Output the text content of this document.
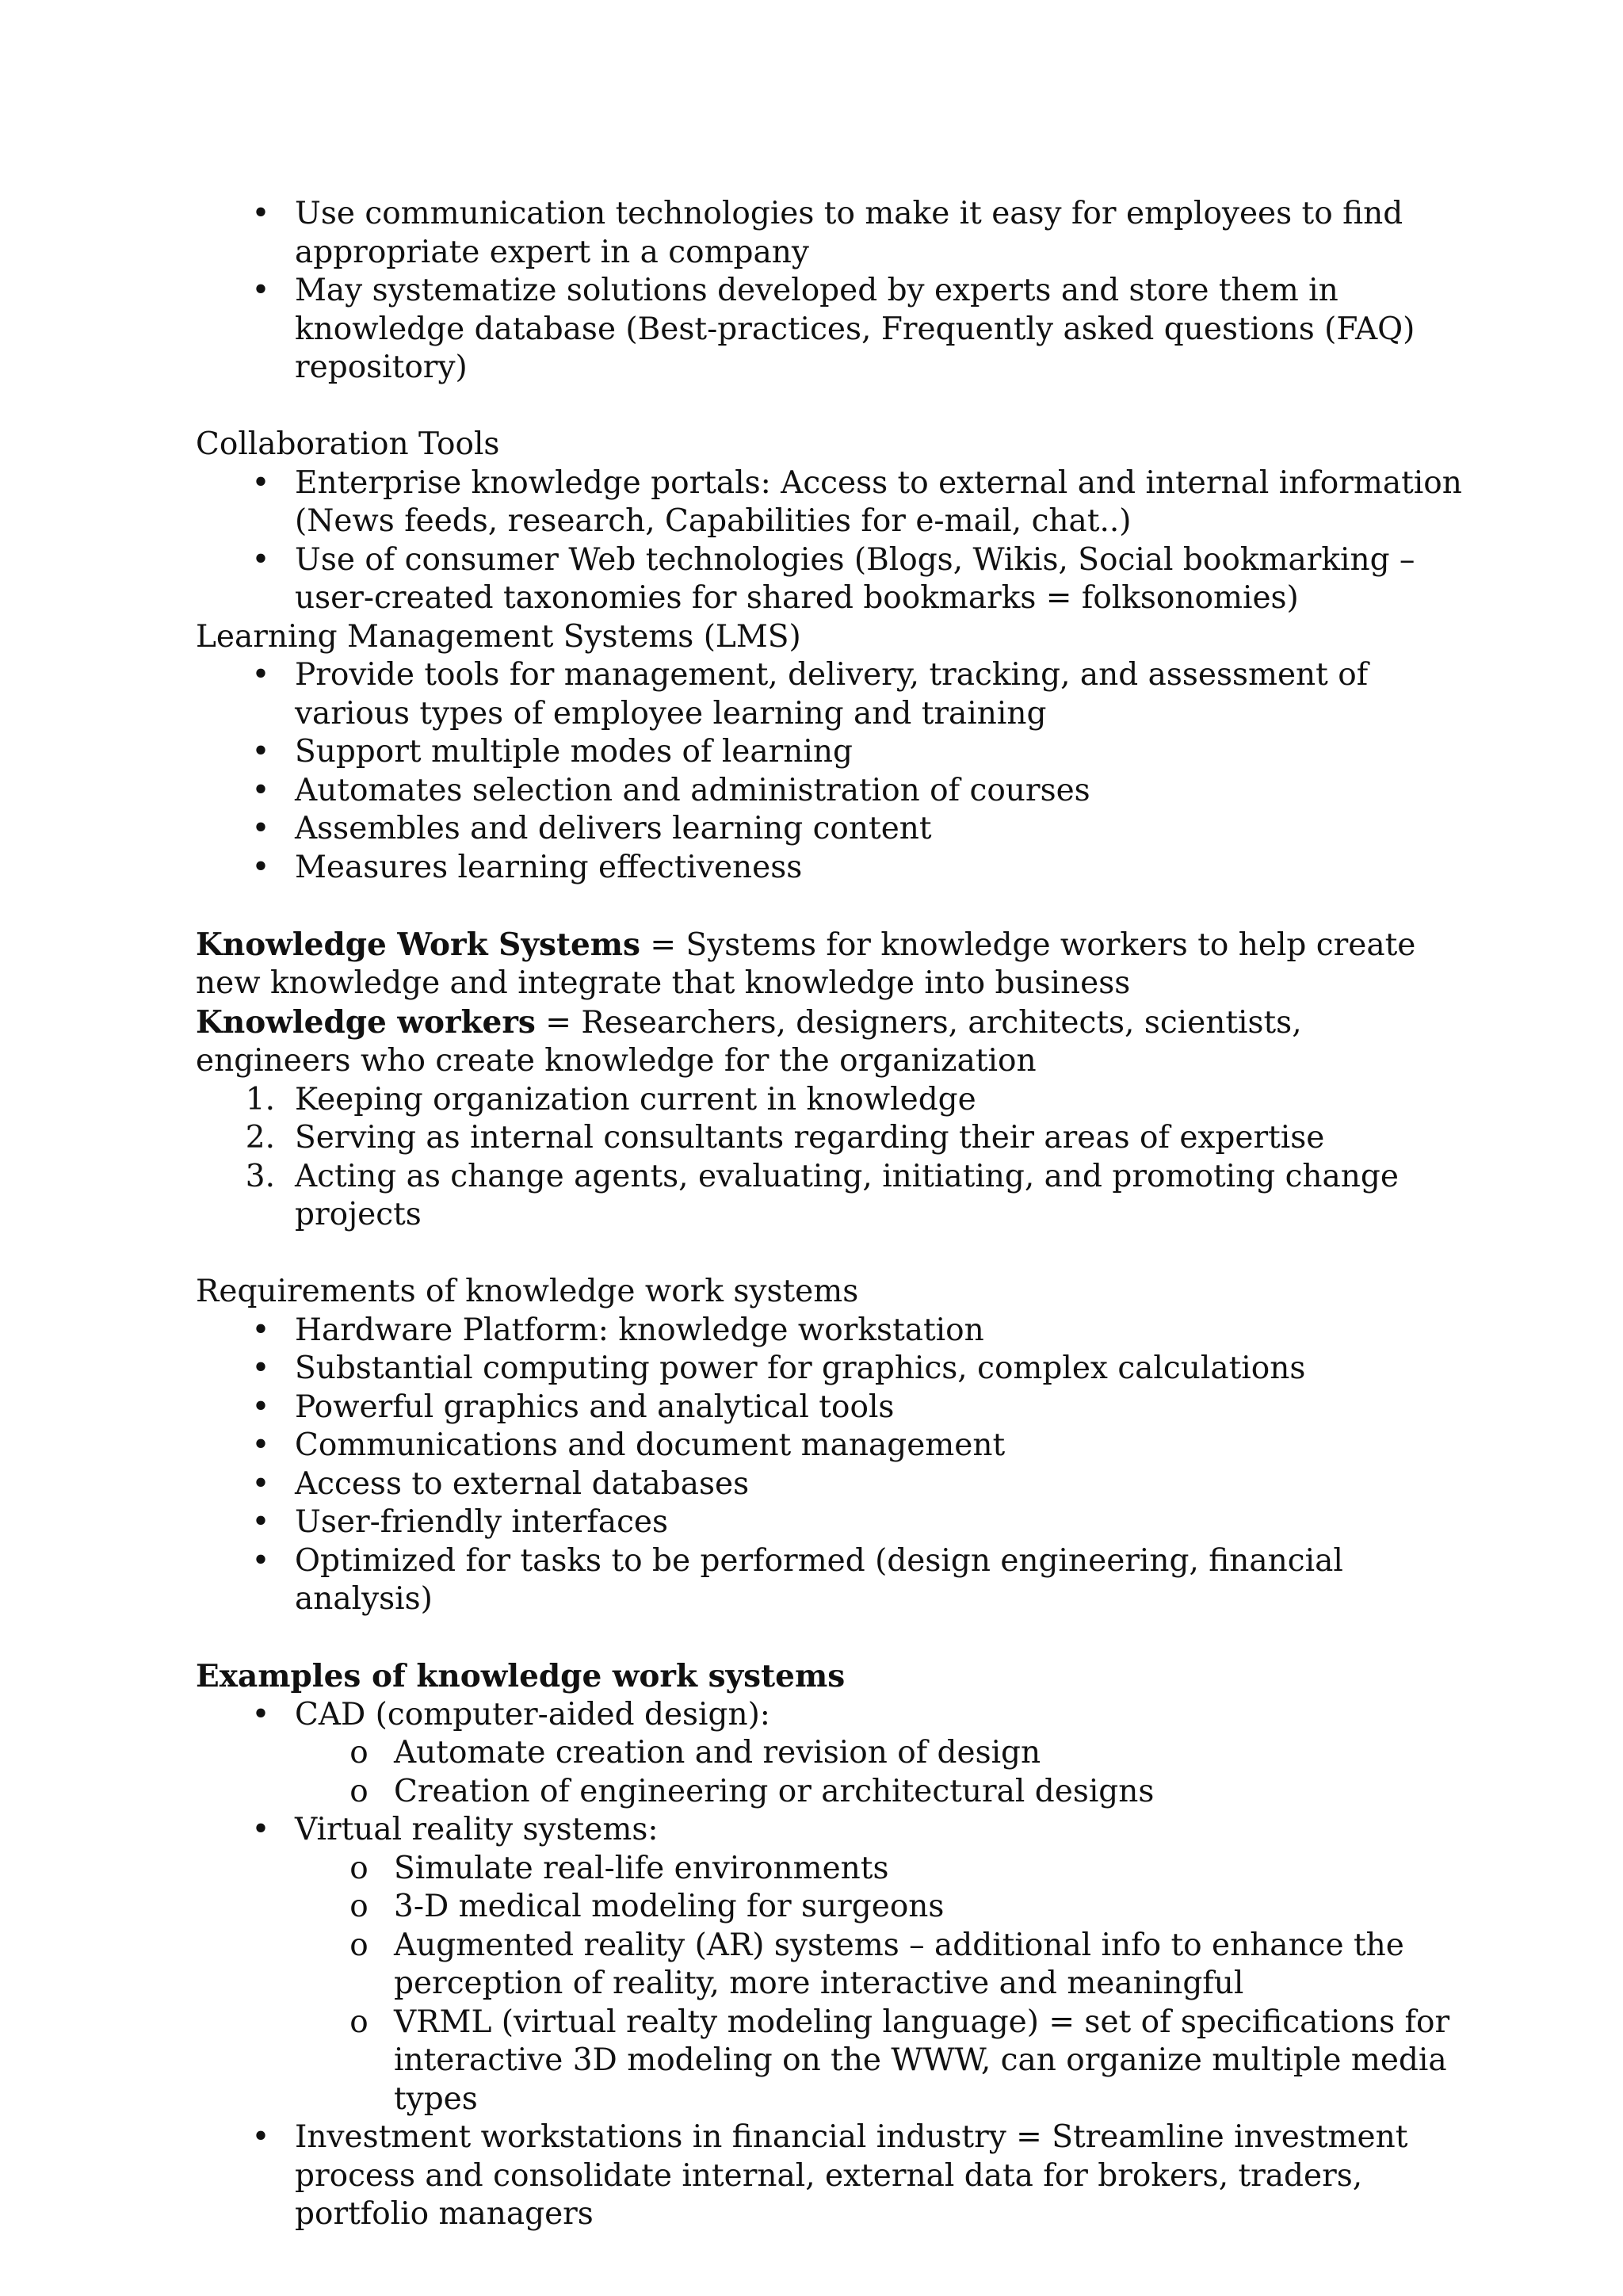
• Use communication technologies to make it easy for employees to find appropriate expert in a company
• May systematize solutions developed by experts and store them in knowledge database (Best-practices, Frequently asked questions (FAQ) repository)

Collaboration Tools

• Enterprise knowledge portals: Access to external and internal information (News feeds, research, Capabilities for e-mail, chat..)
• Use of consumer Web technologies (Blogs, Wikis, Social bookmarking – user-created taxonomies for shared bookmarks = folksonomies)

Learning Management Systems (LMS)

• Provide tools for management, delivery, tracking, and assessment of various types of employee learning and training
• Support multiple modes of learning
• Automates selection and administration of courses
• Assembles and delivers learning content
• Measures learning effectiveness

Knowledge Work Systems = Systems for knowledge workers to help create new knowledge and integrate that knowledge into business

Knowledge workers = Researchers, designers, architects, scientists, engineers who create knowledge for the organization

1. Keeping organization current in knowledge
2. Serving as internal consultants regarding their areas of expertise
3. Acting as change agents, evaluating, initiating, and promoting change projects

Requirements of knowledge work systems

• Hardware Platform: knowledge workstation
• Substantial computing power for graphics, complex calculations
• Powerful graphics and analytical tools
• Communications and document management
• Access to external databases
• User-friendly interfaces
• Optimized for tasks to be performed (design engineering, financial analysis)

Examples of knowledge work systems

• CAD (computer-aided design):
o Automate creation and revision of design
o Creation of engineering or architectural designs
• Virtual reality systems:
o Simulate real-life environments
o 3-D medical modeling for surgeons
o Augmented reality (AR) systems – additional info to enhance the perception of reality, more interactive and meaningful
o VRML (virtual realty modeling language) = set of specifications for interactive 3D modeling on the WWW, can organize multiple media types
• Investment workstations in financial industry = Streamline investment process and consolidate internal, external data for brokers, traders, portfolio managers
